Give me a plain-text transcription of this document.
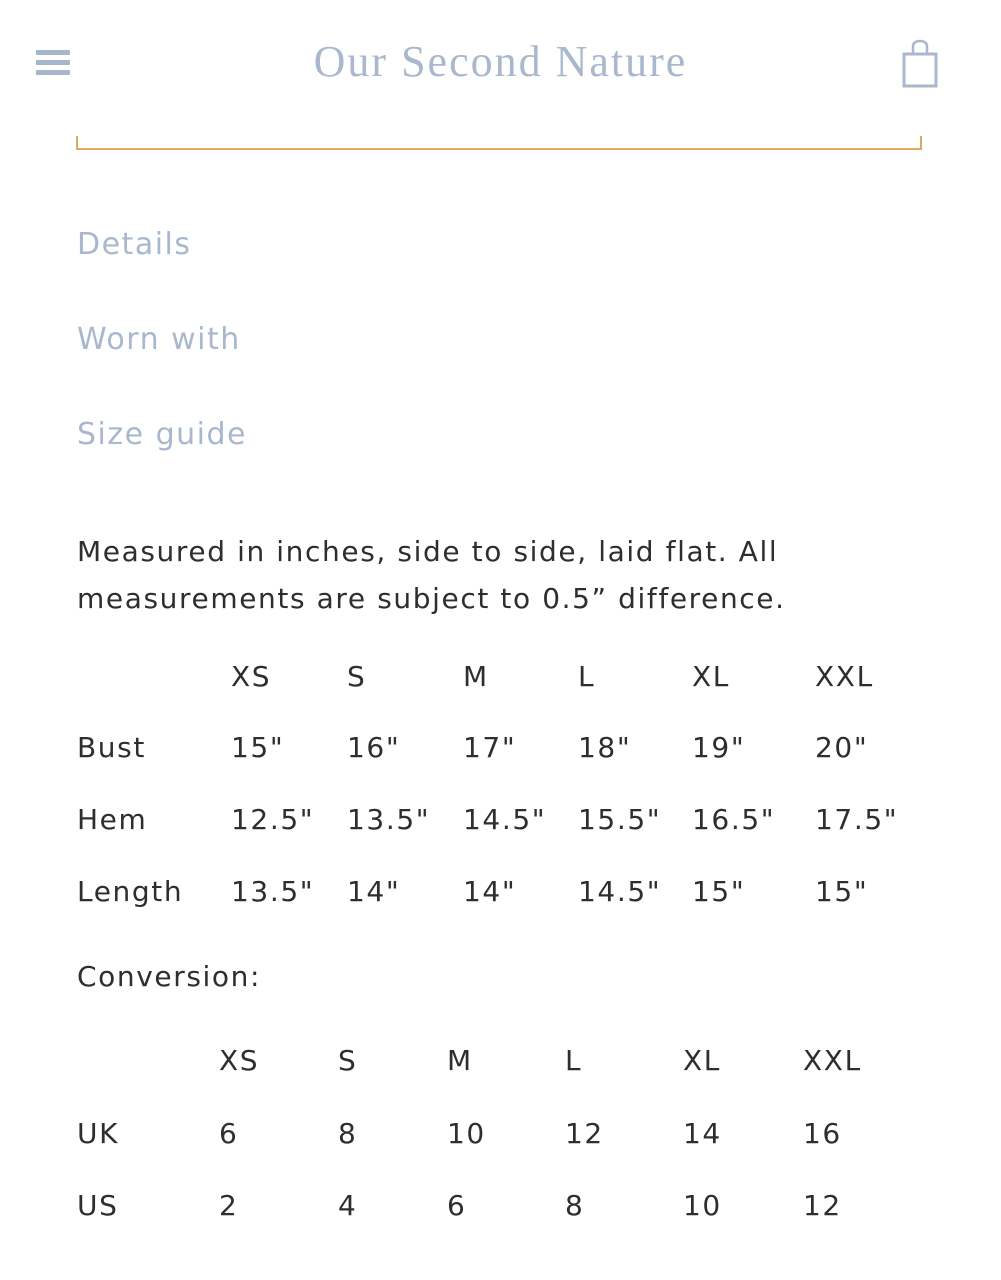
Our Second Nature
Details
Worn with
Size guide
Measured in inches, side to side, laid flat. All measurements are subject to 0.5” difference.
XS	S	M	L	XL	XXL
Bust	15" 16" 17" 18" 19" 20"
Hem	12.5" 13.5" 14.5" 15.5" 16.5" 17.5"
Length 13.5" 14" 14" 14.5" 15" 15"
Conversion:
XS	S	M	L	XL	XXL
UK	6	8	10	12	14	16
US	2	4	6	8	10	12
